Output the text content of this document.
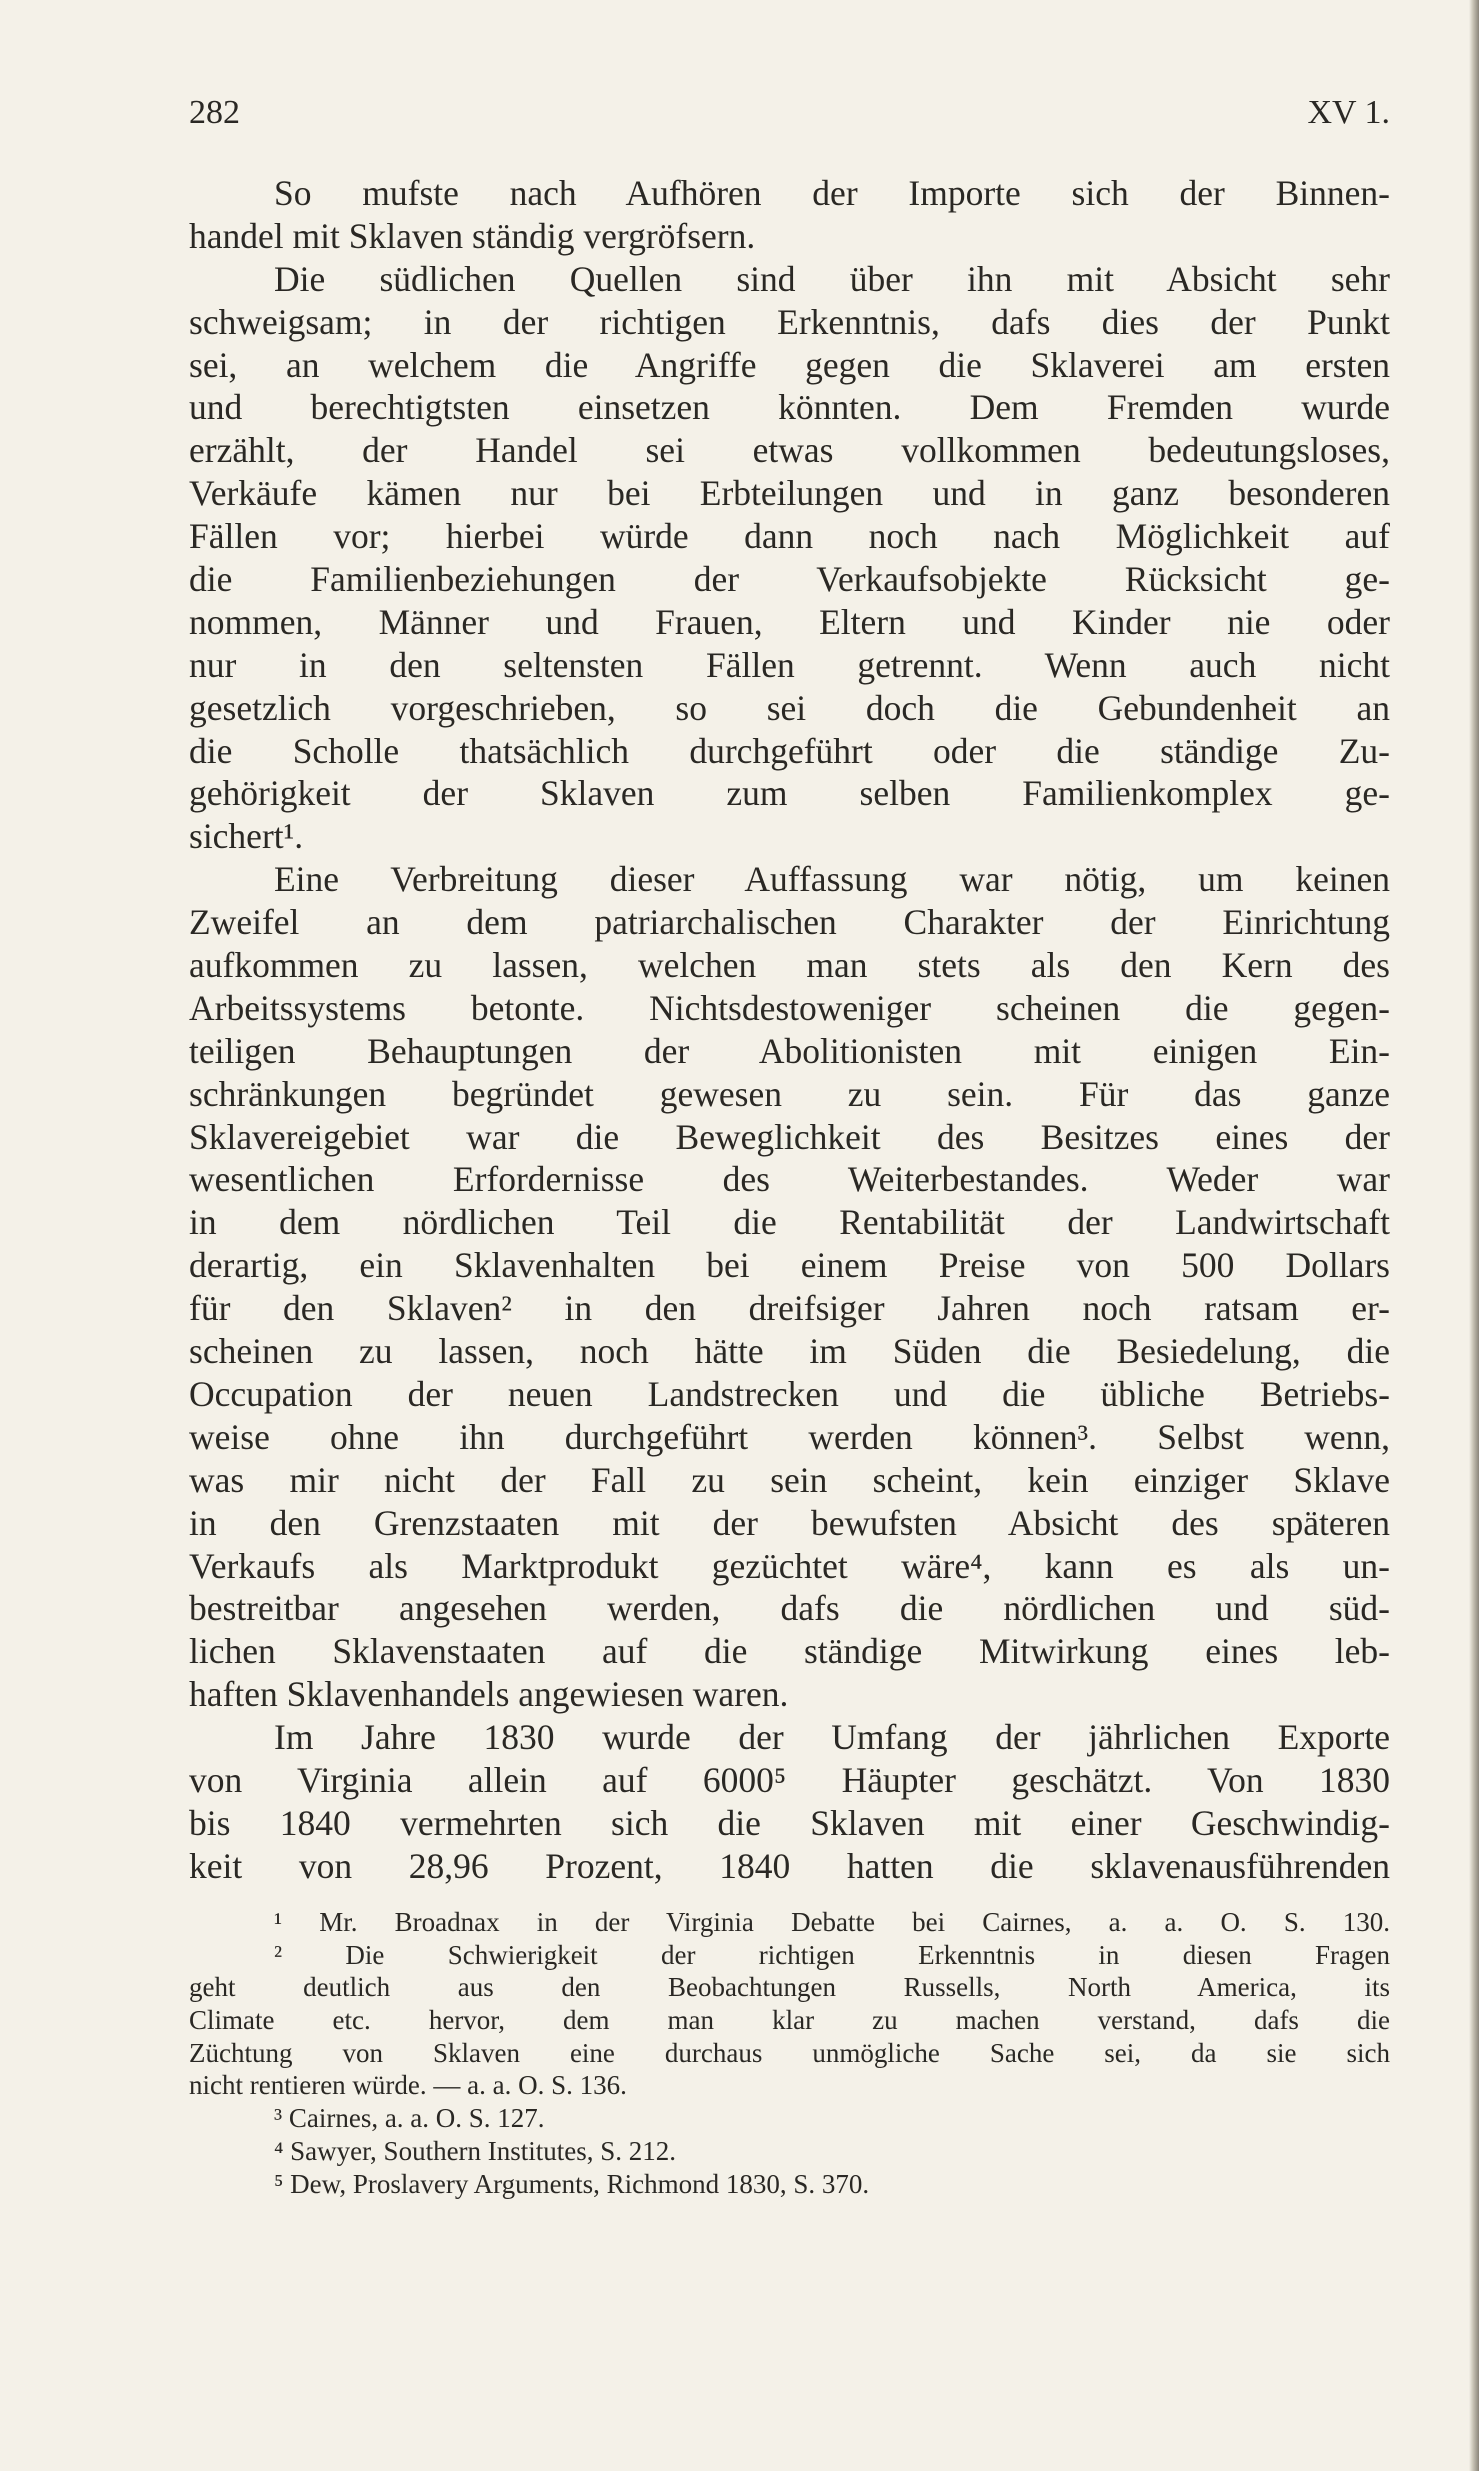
282	XV 1.
So mufste nach Aufhören der Importe sich der Binnen-
handel mit Sklaven ständig vergröfsern.
Die südlichen Quellen sind über ihn mit Absicht sehr
schweigsam; in der richtigen Erkenntnis, dafs dies der Punkt
sei, an welchem die Angriffe gegen die Sklaverei am ersten
und berechtigtsten einsetzen könnten. Dem Fremden wurde
erzählt, der Handel sei etwas vollkommen bedeutungsloses,
Verkäufe kämen nur bei Erbteilungen und in ganz besonderen
Fällen vor; hierbei würde dann noch nach Möglichkeit auf
die Familienbeziehungen der Verkaufsobjekte Rücksicht ge-
nommen, Männer und Frauen, Eltern und Kinder nie oder
nur in den seltensten Fällen getrennt. Wenn auch nicht
gesetzlich vorgeschrieben, so sei doch die Gebundenheit an
die Scholle thatsächlich durchgeführt oder die ständige Zu-
gehörigkeit der Sklaven zum selben Familienkomplex ge-
sichert¹.
Eine Verbreitung dieser Auffassung war nötig, um keinen
Zweifel an dem patriarchalischen Charakter der Einrichtung
aufkommen zu lassen, welchen man stets als den Kern des
Arbeitssystems betonte. Nichtsdestoweniger scheinen die gegen-
teiligen Behauptungen der Abolitionisten mit einigen Ein-
schränkungen begründet gewesen zu sein. Für das ganze
Sklavereigebiet war die Beweglichkeit des Besitzes eines der
wesentlichen Erfordernisse des Weiterbestandes. Weder war
in dem nördlichen Teil die Rentabilität der Landwirtschaft
derartig, ein Sklavenhalten bei einem Preise von 500 Dollars
für den Sklaven² in den dreifsiger Jahren noch ratsam er-
scheinen zu lassen, noch hätte im Süden die Besiedelung, die
Occupation der neuen Landstrecken und die übliche Betriebs-
weise ohne ihn durchgeführt werden können³. Selbst wenn,
was mir nicht der Fall zu sein scheint, kein einziger Sklave
in den Grenzstaaten mit der bewufsten Absicht des späteren
Verkaufs als Marktprodukt gezüchtet wäre⁴, kann es als un-
bestreitbar angesehen werden, dafs die nördlichen und süd-
lichen Sklavenstaaten auf die ständige Mitwirkung eines leb-
haften Sklavenhandels angewiesen waren.
Im Jahre 1830 wurde der Umfang der jährlichen Exporte
von Virginia allein auf 6000⁵ Häupter geschätzt. Von 1830
bis 1840 vermehrten sich die Sklaven mit einer Geschwindig-
keit von 28,96 Prozent, 1840 hatten die sklavenausführenden
¹ Mr. Broadnax in der Virginia Debatte bei Cairnes, a. a. O. S. 130.
² Die Schwierigkeit der richtigen Erkenntnis in diesen Fragen
geht deutlich aus den Beobachtungen Russells, North America, its
Climate etc. hervor, dem man klar zu machen verstand, dafs die
Züchtung von Sklaven eine durchaus unmögliche Sache sei, da sie sich
nicht rentieren würde. — a. a. O. S. 136.
³ Cairnes, a. a. O. S. 127.
⁴ Sawyer, Southern Institutes, S. 212.
⁵ Dew, Proslavery Arguments, Richmond 1830, S. 370.
